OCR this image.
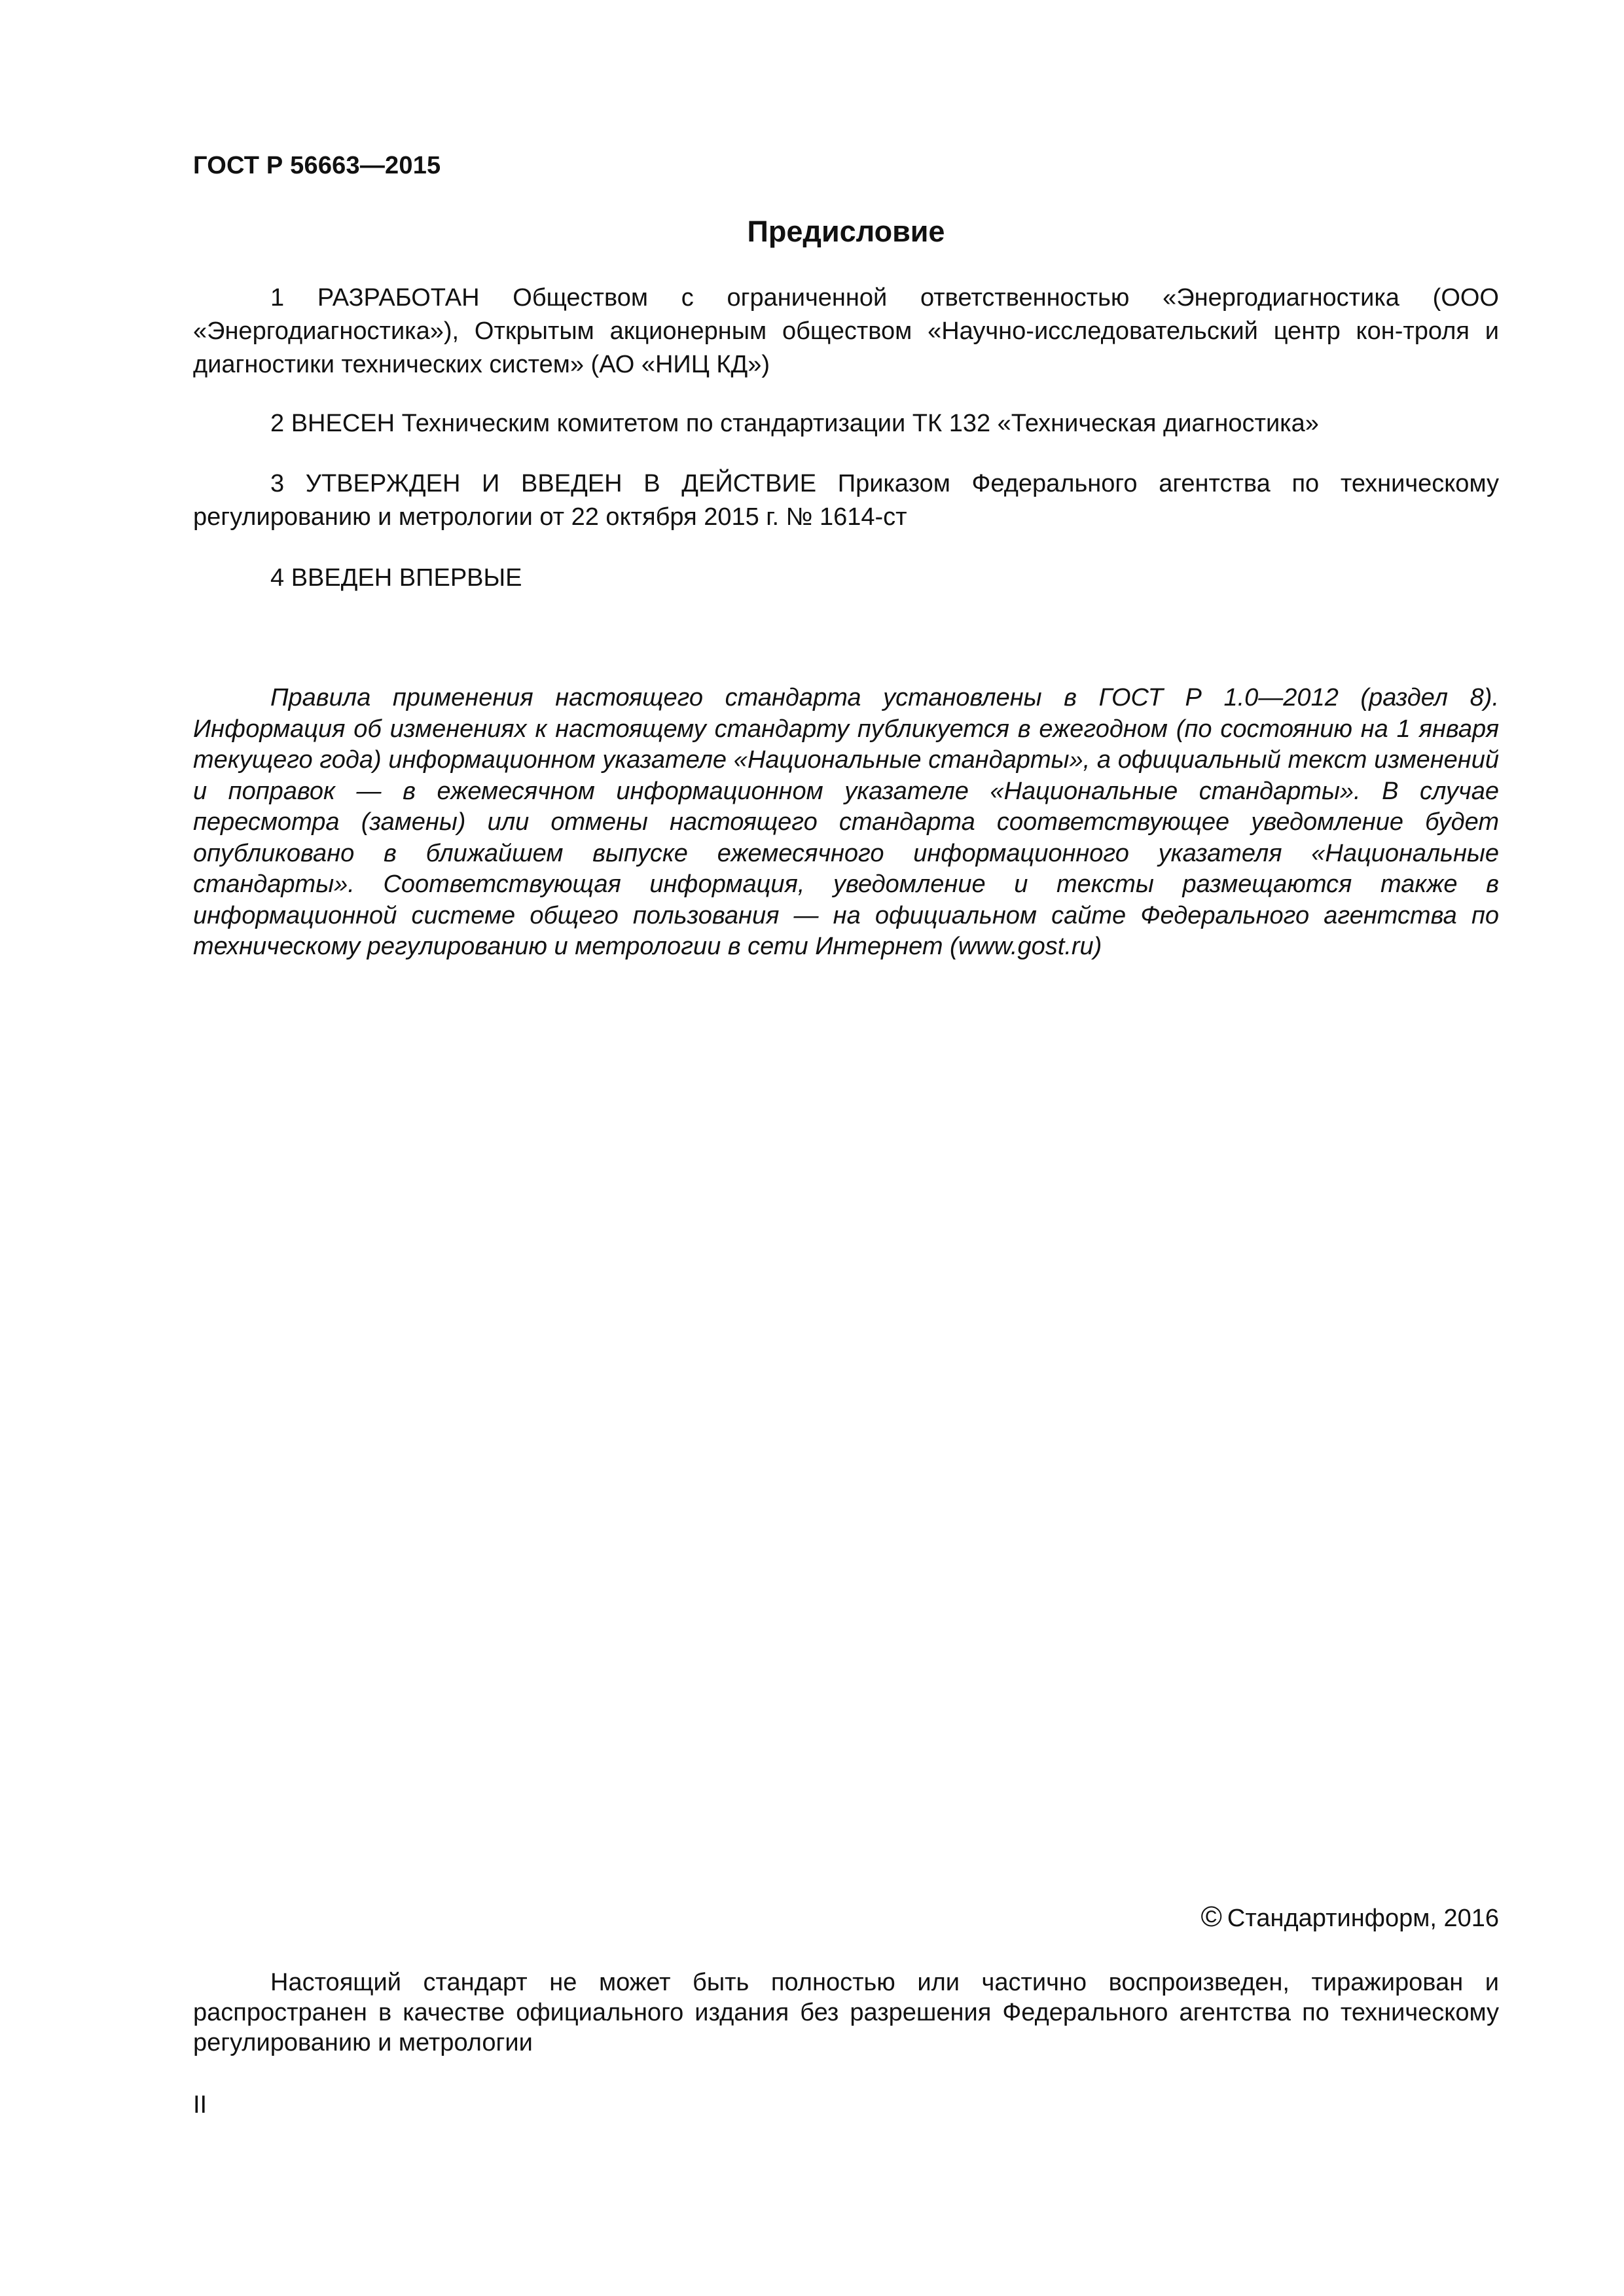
ГОСТ Р 56663—2015
Предисловие

1 РАЗРАБОТАН Обществом с ограниченной ответственностью «Энергодиагностика (ООО «Энергодиагностика»), Открытым акционерным обществом «Научно-исследовательский центр кон-троля и диагностики технических систем» (АО «НИЦ КД»)

2 ВНЕСЕН Техническим комитетом по стандартизации ТК 132 «Техническая диагностика»

3 УТВЕРЖДЕН И ВВЕДЕН В ДЕЙСТВИЕ Приказом Федерального агентства по техническому регулированию и метрологии от 22 октября 2015 г. № 1614-ст

4 ВВЕДЕН ВПЕРВЫЕ

Правила применения настоящего стандарта установлены в ГОСТ Р 1.0—2012 (раздел 8). Информация об изменениях к настоящему стандарту публикуется в ежегодном (по состоянию на 1 января текущего года) информационном указателе «Национальные стандарты», а официальный текст изменений и поправок — в ежемесячном информационном указателе «Национальные стандарты». В случае пересмотра (замены) или отмены настоящего стандарта соответствующее уведомление будет опубликовано в ближайшем выпуске ежемесячного информационного указателя «Национальные стандарты». Соответствующая информация, уведомление и тексты размещаются также в информационной системе общего пользования — на официальном сайте Федерального агентства по техническому регулированию и метрологии в сети Интернет (www.gost.ru)

© Стандартинформ, 2016

Настоящий стандарт не может быть полностью или частично воспроизведен, тиражирован и распространен в качестве официального издания без разрешения Федерального агентства по техническому регулированию и метрологии

II
